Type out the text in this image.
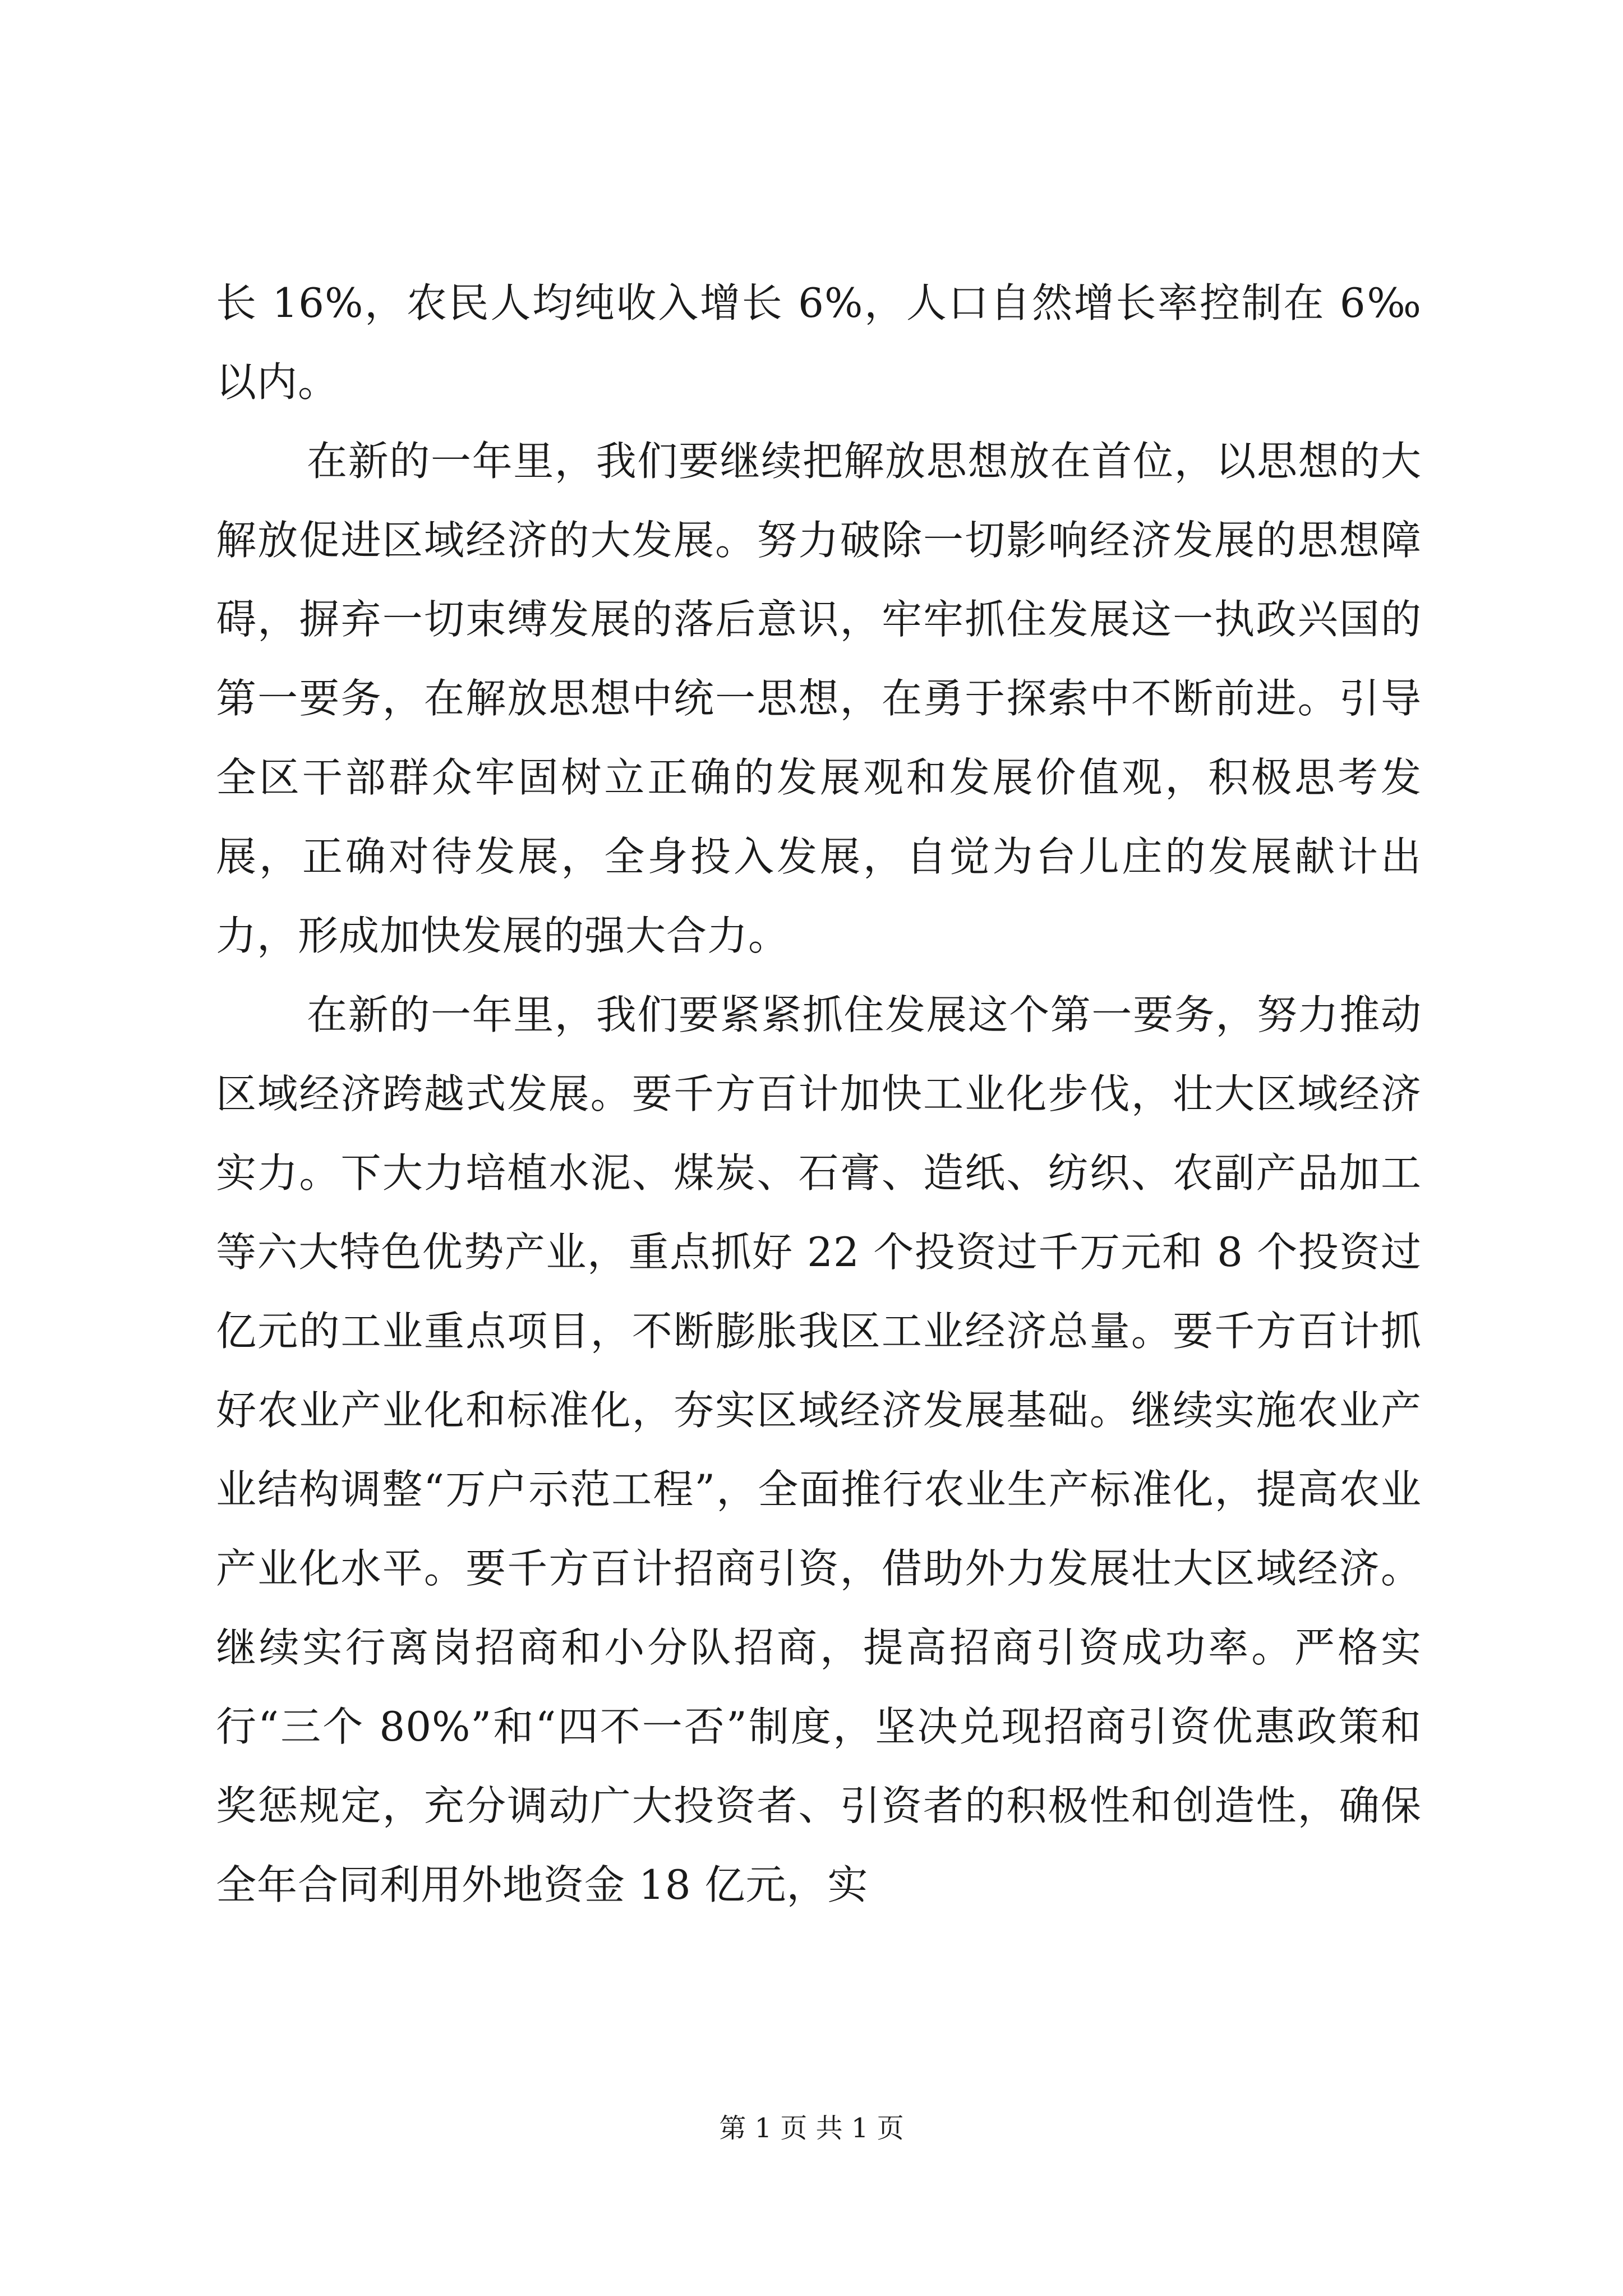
长 16%，农民人均纯收入增长 6%，人口自然增长率控制在 6‰以内。

在新的一年里，我们要继续把解放思想放在首位，以思想的大解放促进区域经济的大发展。努力破除一切影响经济发展的思想障碍，摒弃一切束缚发展的落后意识，牢牢抓住发展这一执政兴国的第一要务，在解放思想中统一思想，在勇于探索中不断前进。引导全区干部群众牢固树立正确的发展观和发展价值观，积极思考发展，正确对待发展，全身投入发展，自觉为台儿庄的发展献计出力，形成加快发展的强大合力。

在新的一年里，我们要紧紧抓住发展这个第一要务，努力推动区域经济跨越式发展。要千方百计加快工业化步伐，壮大区域经济实力。下大力培植水泥、煤炭、石膏、造纸、纺织、农副产品加工等六大特色优势产业，重点抓好 22 个投资过千万元和 8 个投资过亿元的工业重点项目，不断膨胀我区工业经济总量。要千方百计抓好农业产业化和标准化，夯实区域经济发展基础。继续实施农业产业结构调整“万户示范工程”，全面推行农业生产标准化，提高农业产业化水平。要千方百计招商引资，借助外力发展壮大区域经济。继续实行离岗招商和小分队招商，提高招商引资成功率。严格实行“三个 80%”和“四不一否”制度，坚决兑现招商引资优惠政策和奖惩规定，充分调动广大投资者、引资者的积极性和创造性，确保全年合同利用外地资金 18 亿元，实

第 1 页 共 1 页
